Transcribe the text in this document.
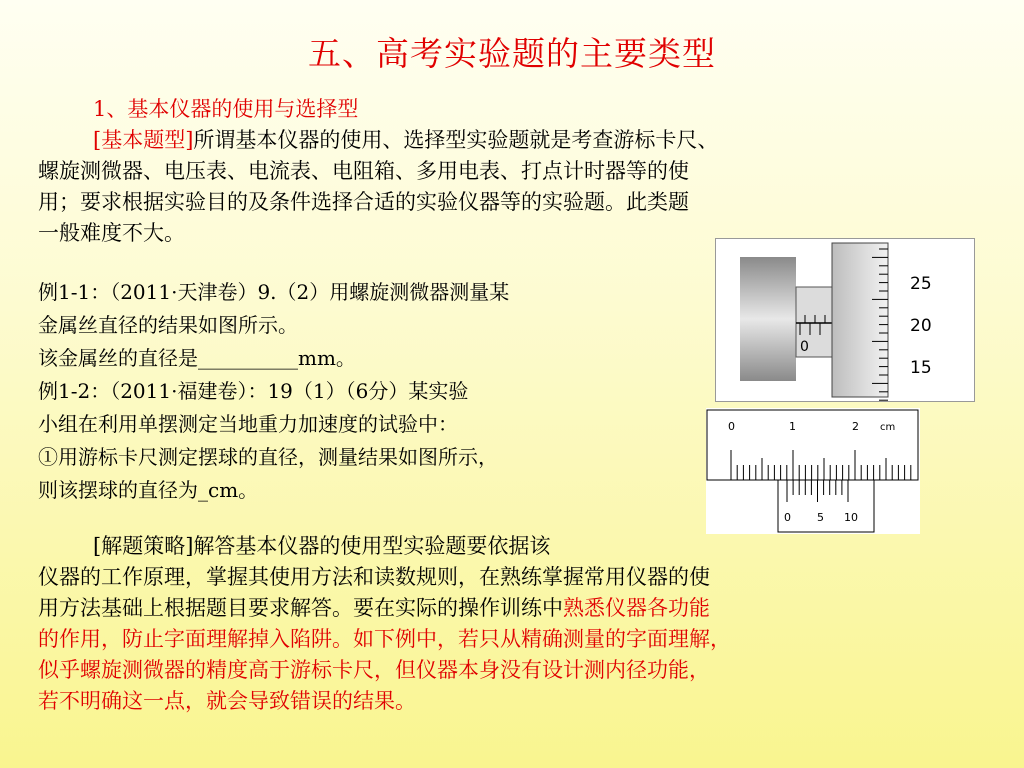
五、高考实验题的主要类型
1、基本仪器的使用与选择型
[基本题型]所谓基本仪器的使用、选择型实验题就是考查游标卡尺、
螺旋测微器、电压表、电流表、电阻箱、多用电表、打点计时器等的使
用；要求根据实验目的及条件选择合适的实验仪器等的实验题。此类题
一般难度不大。
例1-1：（2011·天津卷）9.（2）用螺旋测微器测量某
金属丝直径的结果如图所示。
该金属丝的直径是__________mm。
例1-2：（2011·福建卷）：19（1）（6分）某实验
小组在利用单摆测定当地重力加速度的试验中：
①用游标卡尺测定摆球的直径，测量结果如图所示，
则该摆球的直径为_cm。
0
25
20
15
0	1	2 cm
0 5 10
[解题策略]解答基本仪器的使用型实验题要依据该
仪器的工作原理，掌握其使用方法和读数规则，在熟练掌握常用仪器的使
用方法基础上根据题目要求解答。要在实际的操作训练中熟悉仪器各功能
的作用，防止字面理解掉入陷阱。如下例中，若只从精确测量的字面理解，
似乎螺旋测微器的精度高于游标卡尺，但仪器本身没有设计测内径功能，
若不明确这一点，就会导致错误的结果。
